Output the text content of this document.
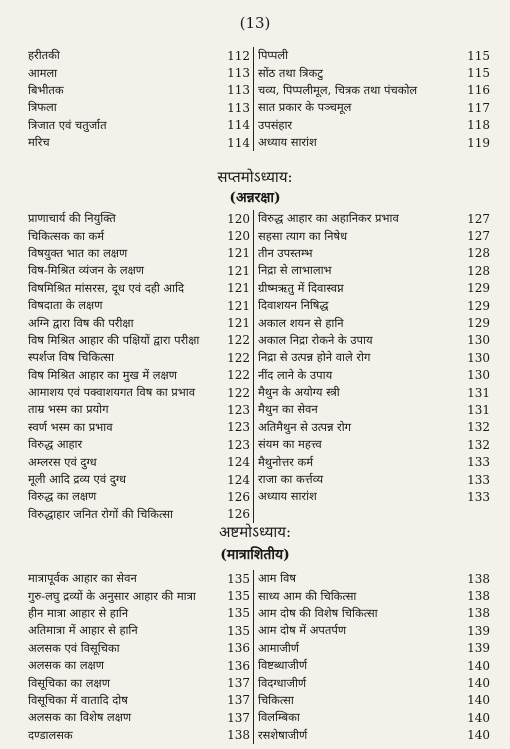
(13)
हरीतकी	112
आमला	113
बिभीतक	113
त्रिफला	113
त्रिजात एवं चतुर्जात	114
मरिच	114
पिप्पली	115
सोंठ तथा त्रिकटु	115
चव्य, पिप्पलीमूल, चित्रक तथा पंचकोल	116
सात प्रकार के पञ्चमूल	117
उपसंहार	118
अध्याय सारांश	119
सप्तमोऽध्याय:
(अन्नरक्षा)
प्राणाचार्य की नियुक्ति	120
चिकित्सक का कर्म	120
विषयुक्त भात का लक्षण	121
विष-मिश्रित व्यंजन के लक्षण	121
विषमिश्रित मांसरस, दूध एवं दही आदि	121
विषदाता के लक्षण	121
अग्नि द्वारा विष की परीक्षा	121
विष मिश्रित आहार की पक्षियों द्वारा परीक्षा 122
स्पर्शज विष चिकित्सा	122
विष मिश्रित आहार का मुख में लक्षण	122
आमाशय एवं पक्वाशयगत विष का प्रभाव	122
ताम्र भस्म का प्रयोग	123
स्वर्ण भस्म का प्रभाव	123
विरुद्ध आहार	123
अम्लरस एवं दुग्ध	124
मूली आदि द्रव्य एवं दुग्ध	124
विरुद्ध का लक्षण	126
विरुद्धाहार जनित रोगों की चिकित्सा	126
विरुद्ध आहार का अहानिकर प्रभाव	127
सहसा त्याग का निषेध	127
तीन उपस्तम्भ	128
निद्रा से लाभालाभ	128
ग्रीष्मऋतु में दिवास्वप्न	129
दिवाशयन निषिद्ध	129
अकाल शयन से हानि	129
अकाल निद्रा रोकने के उपाय	130
निद्रा से उत्पन्न होने वाले रोग	130
नींद लाने के उपाय	130
मैथुन के अयोग्य स्त्री	131
मैथुन का सेवन	131
अतिमैथुन से उत्पन्न रोग	132
संयम का महत्त्व	132
मैथुनोत्तर कर्म	133
राजा का कर्त्तव्य	133
अध्याय सारांश	133
अष्टमोऽध्याय:
(मात्राशितीय)
मात्रापूर्वक आहार का सेवन	135
गुरु-लघु द्रव्यों के अनुसार आहार की मात्रा	135
हीन मात्रा आहार से हानि	135
अतिमात्रा में आहार से हानि	135
अलसक एवं विसूचिका	136
अलसक का लक्षण	136
विसूचिका का लक्षण	137
विसूचिका में वातादि दोष	137
अलसक का विशेष लक्षण	137
दण्डालसक	138
आम विष	138
साध्य आम की चिकित्सा	138
आम दोष की विशेष चिकित्सा	138
आम दोष में अपतर्पण	139
आमाजीर्ण	139
विष्टब्धाजीर्ण	140
विदग्धाजीर्ण	140
चिकित्सा	140
विलम्बिका	140
रसशेषाजीर्ण	140
